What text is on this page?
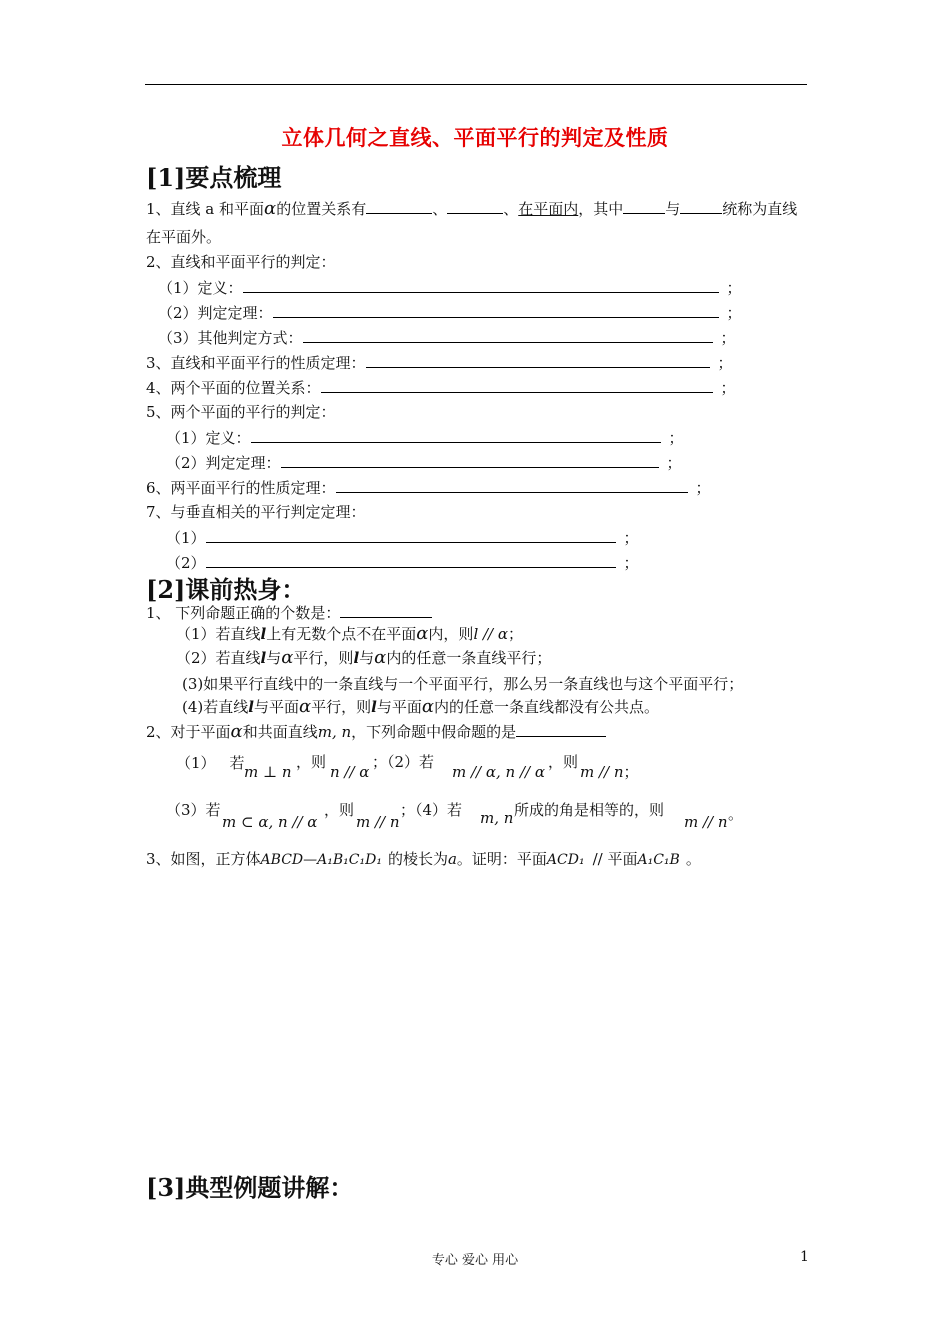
立体几何之直线、平面平行的判定及性质
[1]要点梳理
1、直线 a 和平面α的位置关系有	、	、在平面内，其中	与	统称为直线
在平面外。
2、直线和平面平行的判定：
（1）定义：	；
（2）判定定理：	；
（3）其他判定方式：	；
3、直线和平面平行的性质定理：	；
4、两个平面的位置关系：	；
5、两个平面的平行的判定：
（1）定义：	；
（2）判定定理：	；
6、两平面平行的性质定理：	；
7、与垂直相关的平行判定定理：
（1）	；
（2）	；
[2]课前热身：
1、 下列命题正确的个数是：
（1）若直线l上有无数个点不在平面α内，则l // α；
（2）若直线l与α平行，则l与α内的任意一条直线平行；
(3)如果平行直线中的一条直线与一个平面平行，那么另一条直线也与这个平面平行；
(4)若直线l与平面α平行，则l与平面α内的任意一条直线都没有公共点。
2、对于平面α和共面直线m, n，下列命题中假命题的是
（1） 若 m ⊥ n
，则
n // α
；（2）若
m // α, n // α
，则
m // n；
（3）若
m ⊂ α, n // α
，则
m // n
；（4）若 m, n 所成的角是相等的，则
m // n 。
3、如图，正方体ABCD—A₁B₁C₁D₁ 的棱长为a。证明：平面ACD₁ // 平面A₁C₁B 。
[3]典型例题讲解：
专心 爱心 用心	1
